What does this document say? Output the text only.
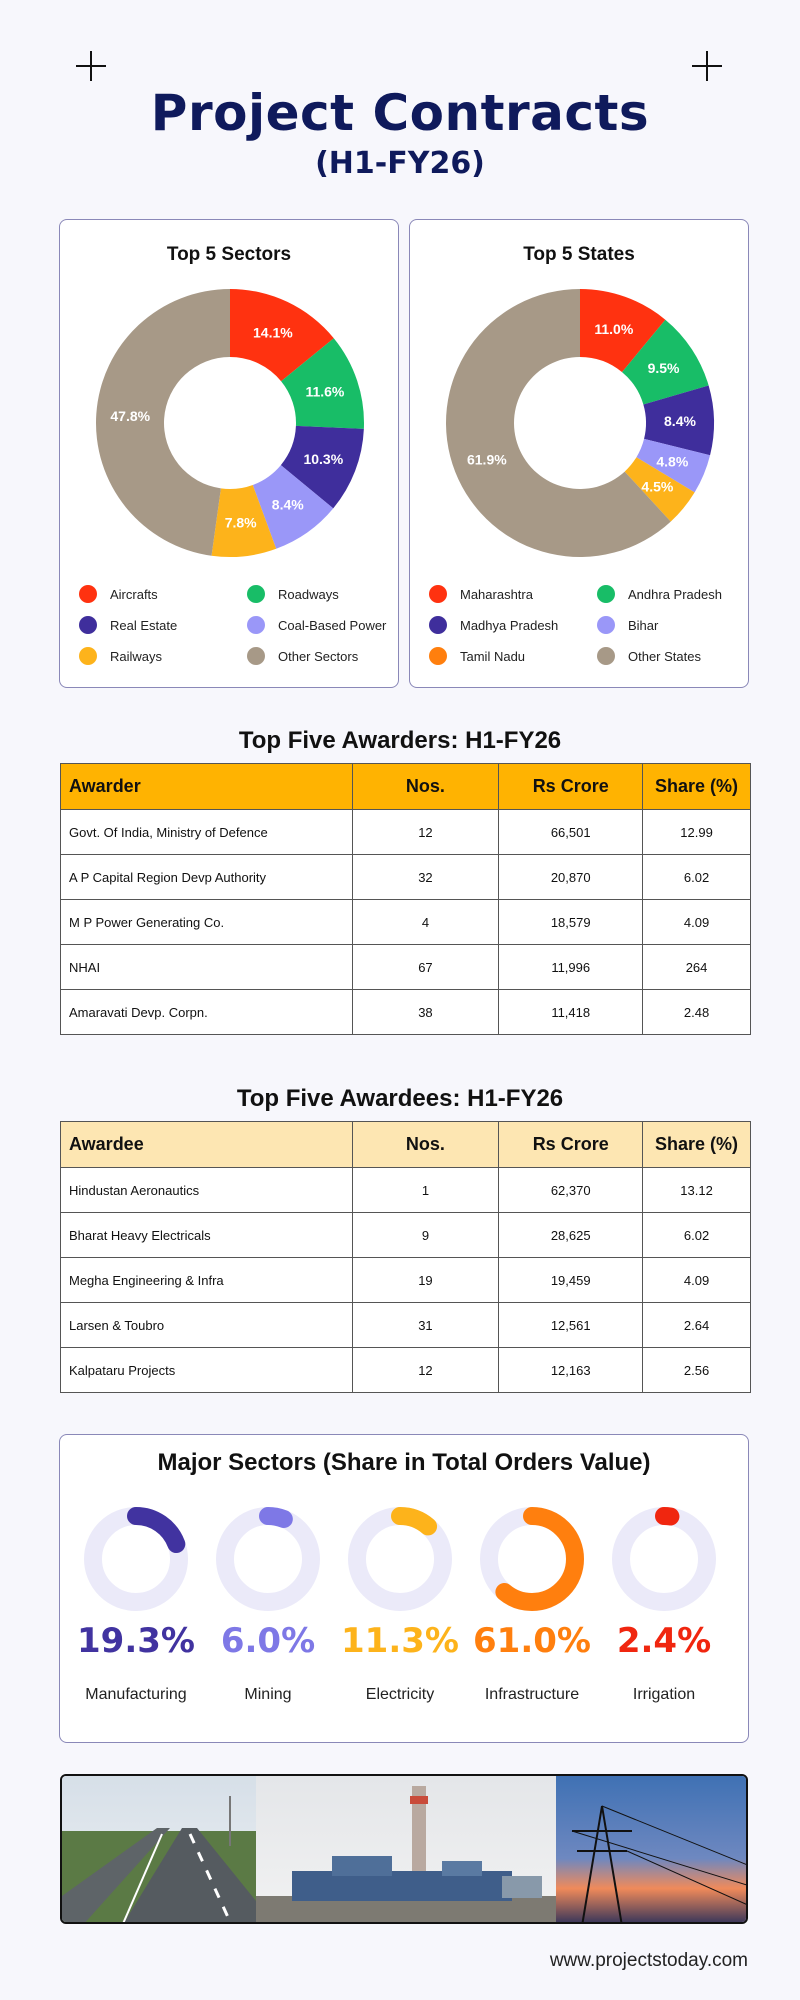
Project Contracts
(H1-FY26)
Top 5 Sectors
14.1%
11.6%
10.3%
8.4%
7.8%
47.8%
Aircrafts	Roadways
Real Estate	Coal-Based Power
Railways	Other Sectors
Top 5 States
11.0%
9.5%
8.4%
4.8%
4.5%
61.9%
Maharashtra	Andhra Pradesh
Madhya Pradesh	Bihar
Tamil Nadu	Other States
Top Five Awarders: H1-FY26
Awarder	Nos.	Rs Crore	Share (%)
Govt. Of India, Ministry of Defence	12	66,501	12.99
A P Capital Region Devp Authority	32	20,870	6.02
M P Power Generating Co.	4	18,579	4.09
NHAI	67	11,996	264
Amaravati Devp. Corpn.	38	11,418	2.48
Top Five Awardees: H1-FY26
Awardee	Nos.	Rs Crore	Share (%)
Hindustan Aeronautics	1	62,370	13.12
Bharat Heavy Electricals	9	28,625	6.02
Megha Engineering & Infra	19	19,459	4.09
Larsen & Toubro	31	12,561	2.64
Kalpataru Projects	12	12,163	2.56
Major Sectors (Share in Total Orders Value)
19.3%
Manufacturing
6.0%
Mining
11.3%
Electricity
61.0%
Infrastructure
2.4%
Irrigation
www.projectstoday.com
